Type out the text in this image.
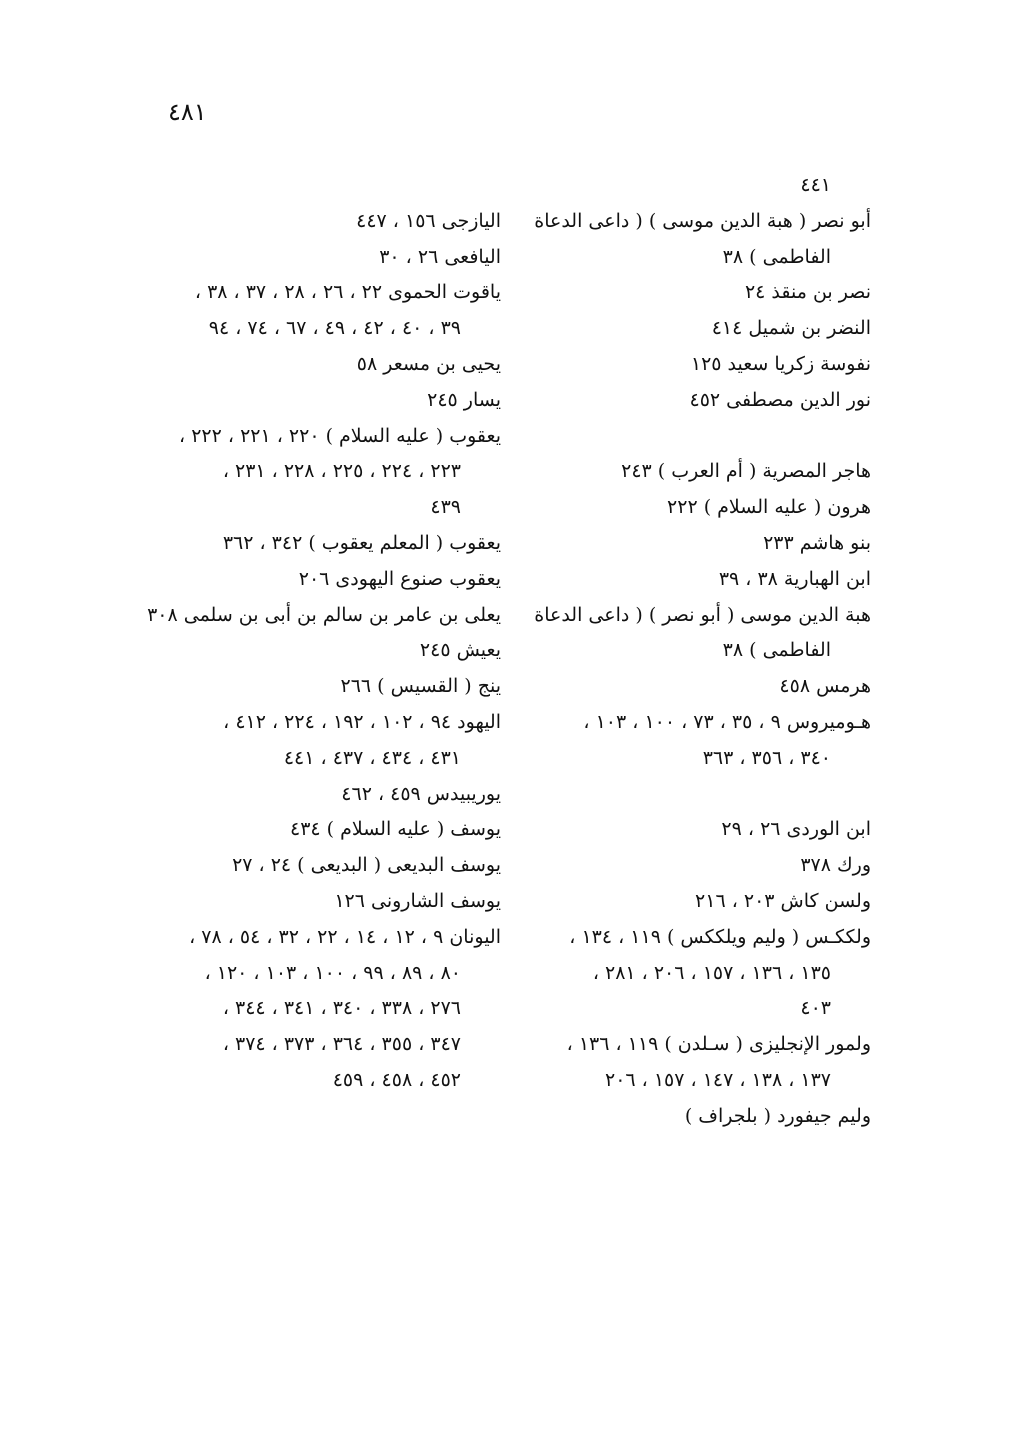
٤٨١
٤٤١
أبو نصر ( هبة الدين موسى ) ( داعى الدعاة
الفاطمى ) ٣٨
نصر بن منقذ ٢٤
النضر بن شميل ٤١٤
نفوسة زكريا سعيد ١٢٥
نور الدين مصطفى ٤٥٢
هاجر المصرية ( أم العرب ) ٢٤٣
هرون ( عليه السلام ) ٢٢٢
بنو هاشم ٢٣٣
ابن الهبارية ٣٨ ، ٣٩
هبة الدين موسى ( أبو نصر ) ( داعى الدعاة
الفاطمى ) ٣٨
هرمس ٤٥٨
هـوميروس ٩ ، ٣٥ ، ٧٣ ، ١٠٠ ، ١٠٣ ،
٣٤٠ ، ٣٥٦ ، ٣٦٣
ابن الوردى ٢٦ ، ٢٩
ورك ٣٧٨
ولسن كاش ٢٠٣ ، ٢١٦
ولككـس ( وليم ويلككس ) ١١٩ ، ١٣٤ ،
١٣٥ ، ١٣٦ ، ١٥٧ ، ٢٠٦ ، ٢٨١ ،
٤٠٣
ولمور الإنجليزى ( سـلدن ) ١١٩ ، ١٣٦ ،
١٣٧ ، ١٣٨ ، ١٤٧ ، ١٥٧ ، ٢٠٦
وليم جيفورد ( بلجراف )
اليازجى ١٥٦ ، ٤٤٧
اليافعى ٢٦ ، ٣٠
ياقوت الحموى ٢٢ ، ٢٦ ، ٢٨ ، ٣٧ ، ٣٨ ،
٣٩ ، ٤٠ ، ٤٢ ، ٤٩ ، ٦٧ ، ٧٤ ، ٩٤
يحيى بن مسعر ٥٨
يسار ٢٤٥
يعقوب ( عليه السلام ) ٢٢٠ ، ٢٢١ ، ٢٢٢ ،
٢٢٣ ، ٢٢٤ ، ٢٢٥ ، ٢٢٨ ، ٢٣١ ،
٤٣٩
يعقوب ( المعلم يعقوب ) ٣٤٢ ، ٣٦٢
يعقوب صنوع اليهودى ٢٠٦
يعلى بن عامر بن سالم بن أبى بن سلمى ٣٠٨
يعيش ٢٤٥
ينج ( القسيس ) ٢٦٦
اليهود ٩٤ ، ١٠٢ ، ١٩٢ ، ٢٢٤ ، ٤١٢ ،
٤٣١ ، ٤٣٤ ، ٤٣٧ ، ٤٤١
يوريبيدس ٤٥٩ ، ٤٦٢
يوسف ( عليه السلام ) ٤٣٤
يوسف البديعى ( البديعى ) ٢٤ ، ٢٧
يوسف الشارونى ١٢٦
اليونان ٩ ، ١٢ ، ١٤ ، ٢٢ ، ٣٢ ، ٥٤ ، ٧٨ ،
٨٠ ، ٨٩ ، ٩٩ ، ١٠٠ ، ١٠٣ ، ١٢٠ ،
٢٧٦ ، ٣٣٨ ، ٣٤٠ ، ٣٤١ ، ٣٤٤ ،
٣٤٧ ، ٣٥٥ ، ٣٦٤ ، ٣٧٣ ، ٣٧٤ ،
٤٥٢ ، ٤٥٨ ، ٤٥٩
